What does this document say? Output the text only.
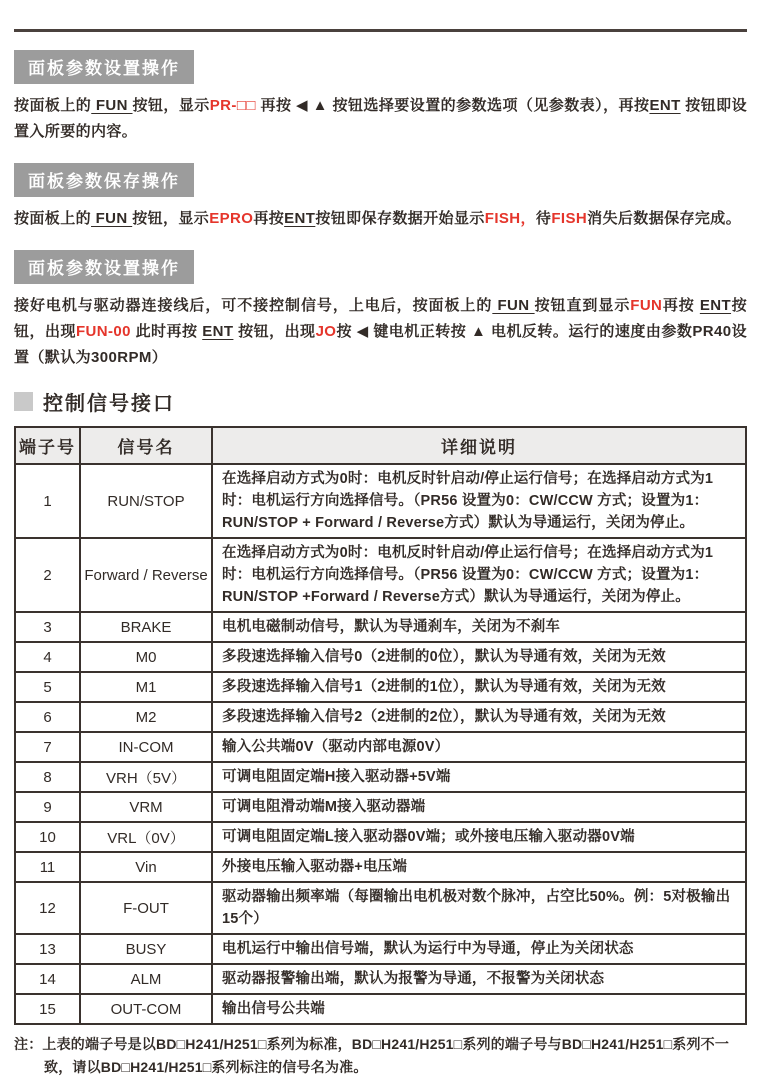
面板参数设置操作

按面板上的 FUN 按钮，显示PR-□□ 再按 ◀ ▲ 按钮选择要设置的参数选项（见参数表），再按ENT 按钮即设置入所要的内容。

面板参数保存操作

按面板上的 FUN 按钮，显示EPRO再按ENT按钮即保存数据开始显示FISH，待FISH消失后数据保存完成。

面板参数设置操作

接好电机与驱动器连接线后，可不接控制信号，上电后，按面板上的 FUN 按钮直到显示FUN再按 ENT按钮，出现FUN-00 此时再按 ENT 按钮，出现JO按 ◀ 键电机正转按 ▲ 电机反转。运行的速度由参数PR40设置（默认为300RPM）

控制信号接口
端子号	信号名	详细说明
1	RUN/STOP	在选择启动方式为0时：电机反时针启动/停止运行信号；在选择启动方式为1时：电机运行方向选择信号。（PR56 设置为0：CW/CCW 方式；设置为1：RUN/STOP + Forward / Reverse方式）默认为导通运行，关闭为停止。
2	Forward / Reverse	在选择启动方式为0时：电机反时针启动/停止运行信号；在选择启动方式为1时：电机运行方向选择信号。（PR56 设置为0：CW/CCW 方式；设置为1：RUN/STOP +Forward / Reverse方式）默认为导通运行，关闭为停止。
3	BRAKE	电机电磁制动信号，默认为导通刹车，关闭为不刹车
4	M0	多段速选择输入信号0（2进制的0位），默认为导通有效，关闭为无效
5	M1	多段速选择输入信号1（2进制的1位），默认为导通有效，关闭为无效
6	M2	多段速选择输入信号2（2进制的2位），默认为导通有效，关闭为无效
7	IN-COM	输入公共端0V（驱动内部电源0V）
8	VRH（5V）	可调电阻固定端H接入驱动器+5V端
9	VRM	可调电阻滑动端M接入驱动器端
10	VRL（0V）	可调电阻固定端L接入驱动器0V端；或外接电压输入驱动器0V端
11	Vin	外接电压输入驱动器+电压端
12	F-OUT	驱动器输出频率端（每圈输出电机极对数个脉冲，占空比50%。例：5对极输出15个）
13	BUSY	电机运行中输出信号端，默认为运行中为导通，停止为关闭状态
14	ALM	驱动器报警输出端，默认为报警为导通，不报警为关闭状态
15	OUT-COM	输出信号公共端
注：上表的端子号是以BD□H241/H251□系列为标准，BD□H241/H251□系列的端子号与BD□H241/H251□系列不一致，请以BD□H241/H251□系列标注的信号名为准。
